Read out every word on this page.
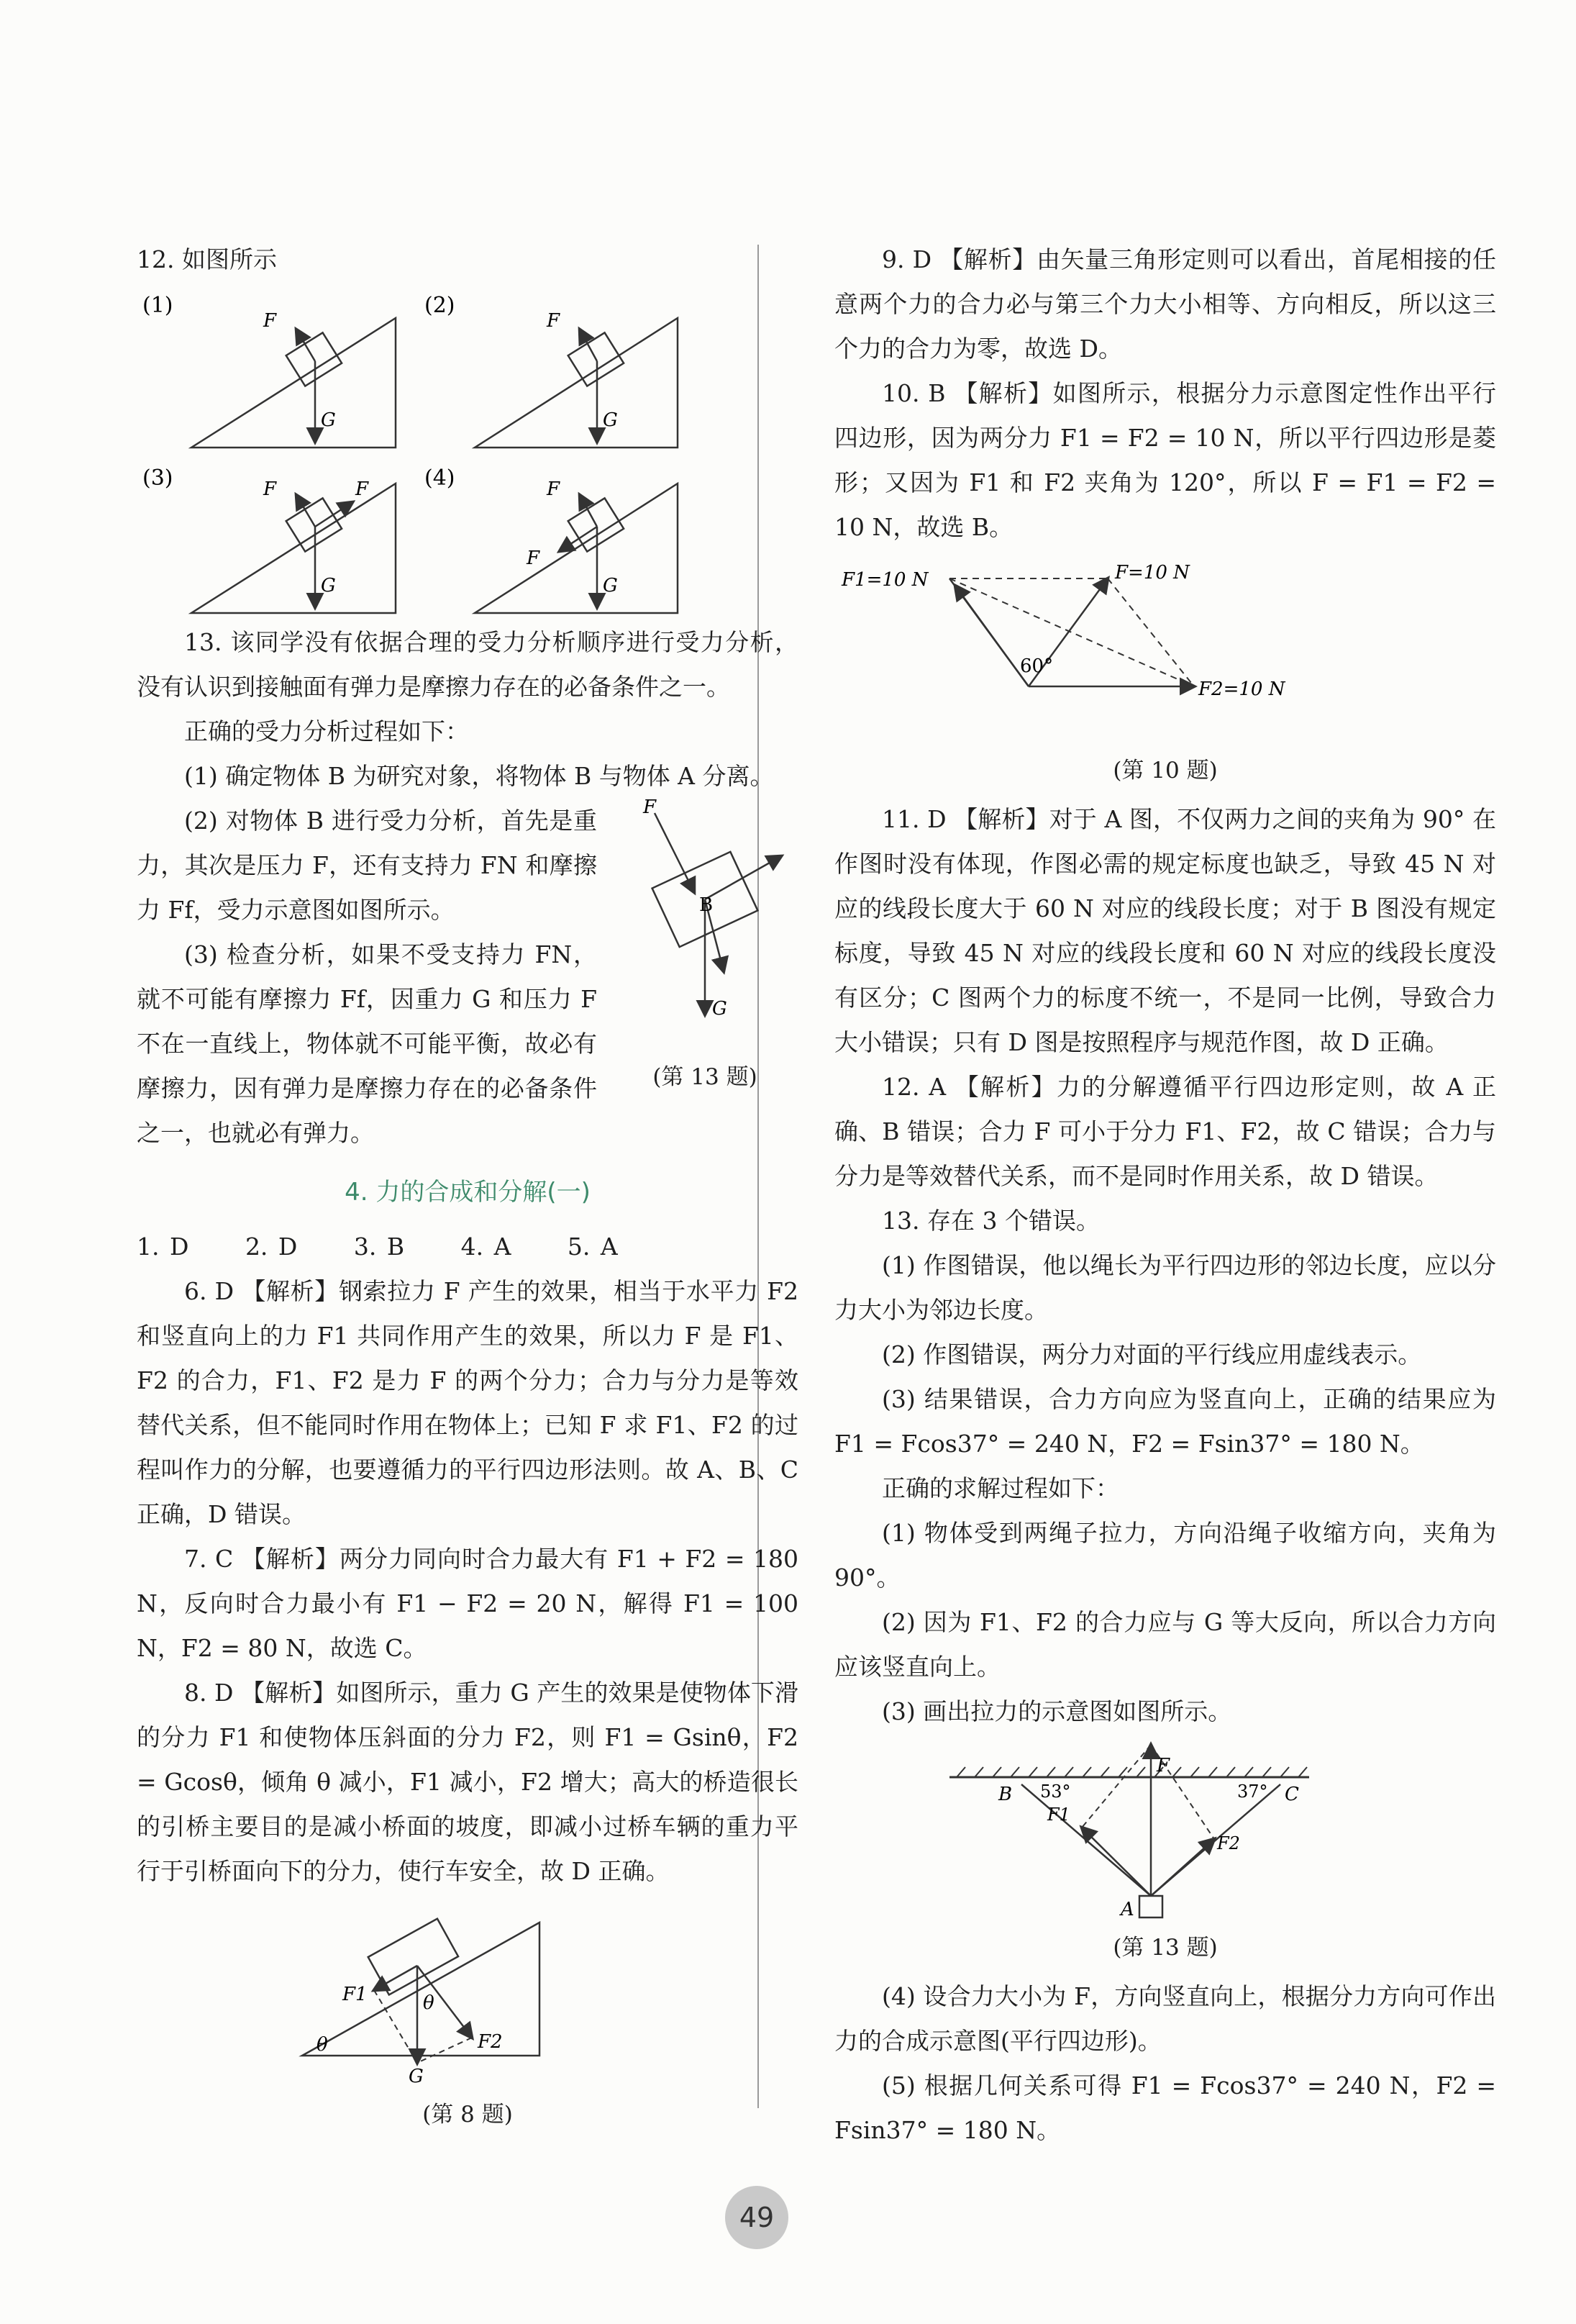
12. 如图所示

(1)
F
G
(2)
F
G
(3)	F	F
G
(4)	F
F
G

13. 该同学没有依据合理的受力分析顺序进行受力分析，没有认识到接触面有弹力是摩擦力存在的必备条件之一。

正确的受力分析过程如下：

(1) 确定物体 B 为研究对象，将物体 B 与物体 A 分离。

(2) 对物体 B 进行受力分析，首先是重力，其次是压力 F，还有支持力 FN 和摩擦力 Ff，受力示意图如图所示。

(3) 检查分析，如果不受支持力 FN，就不可能有摩擦力 Ff，因重力 G 和压力 F 不在一直线上，物体就不可能平衡，故必有摩擦力，因有弹力是摩擦力存在的必备条件之一，也就必有弹力。

F
B
G
(第 13 题)
4. 力的合成和分解(一)

1. D 2. D 3. B 4. A 5. A

6. D 【解析】钢索拉力 F 产生的效果，相当于水平力 F2 和竖直向上的力 F1 共同作用产生的效果，所以力 F 是 F1、F2 的合力，F1、F2 是力 F 的两个分力；合力与分力是等效替代关系，但不能同时作用在物体上；已知 F 求 F1、F2 的过程叫作力的分解，也要遵循力的平行四边形法则。故 A、B、C 正确，D 错误。

7. C 【解析】两分力同向时合力最大有 F1 + F2 = 180 N，反向时合力最小有 F1 − F2 = 20 N，解得 F1 = 100 N，F2 = 80 N，故选 C。

8. D 【解析】如图所示，重力 G 产生的效果是使物体下滑的分力 F1 和使物体压斜面的分力 F2，则 F1 = Gsinθ，F2 = Gcosθ，倾角 θ 减小，F1 减小，F2 增大；高大的桥造很长的引桥主要目的是减小桥面的坡度，即减小过桥车辆的重力平行于引桥面向下的分力，使行车安全，故 D 正确。

F1
F2
θ
θ
G
(第 8 题)

9. D 【解析】由矢量三角形定则可以看出，首尾相接的任意两个力的合力必与第三个力大小相等、方向相反，所以这三个力的合力为零，故选 D。

10. B 【解析】如图所示，根据分力示意图定性作出平行四边形，因为两分力 F1 = F2 = 10 N，所以平行四边形是菱形；又因为 F1 和 F2 夹角为 120°，所以 F = F1 = F2 = 10 N，故选 B。

F1=10 N	F=10 N
F2=10 N
60°
(第 10 题)

11. D 【解析】对于 A 图，不仅两力之间的夹角为 90° 在作图时没有体现，作图必需的规定标度也缺乏，导致 45 N 对应的线段长度大于 60 N 对应的线段长度；对于 B 图没有规定标度，导致 45 N 对应的线段长度和 60 N 对应的线段长度没有区分；C 图两个力的标度不统一，不是同一比例，导致合力大小错误；只有 D 图是按照程序与规范作图，故 D 正确。

12. A 【解析】力的分解遵循平行四边形定则，故 A 正确、B 错误；合力 F 可小于分力 F1、F2，故 C 错误；合力与分力是等效替代关系，而不是同时作用关系，故 D 错误。

13. 存在 3 个错误。

(1) 作图错误，他以绳长为平行四边形的邻边长度，应以分力大小为邻边长度。

(2) 作图错误，两分力对面的平行线应用虚线表示。

(3) 结果错误，合力方向应为竖直向上，正确的结果应为 F1 = Fcos37° = 240 N，F2 = Fsin37° = 180 N。

正确的求解过程如下：

(1) 物体受到两绳子拉力，方向沿绳子收缩方向，夹角为 90°。

(2) 因为 F1、F2 的合力应与 G 等大反向，所以合力方向应该竖直向上。

(3) 画出拉力的示意图如图所示。

F
B	C
A
F1
F2
53°	37°
(第 13 题)

(4) 设合力大小为 F，方向竖直向上，根据分力方向可作出力的合成示意图(平行四边形)。

(5) 根据几何关系可得 F1 = Fcos37° = 240 N，F2 = Fsin37° = 180 N。

49
